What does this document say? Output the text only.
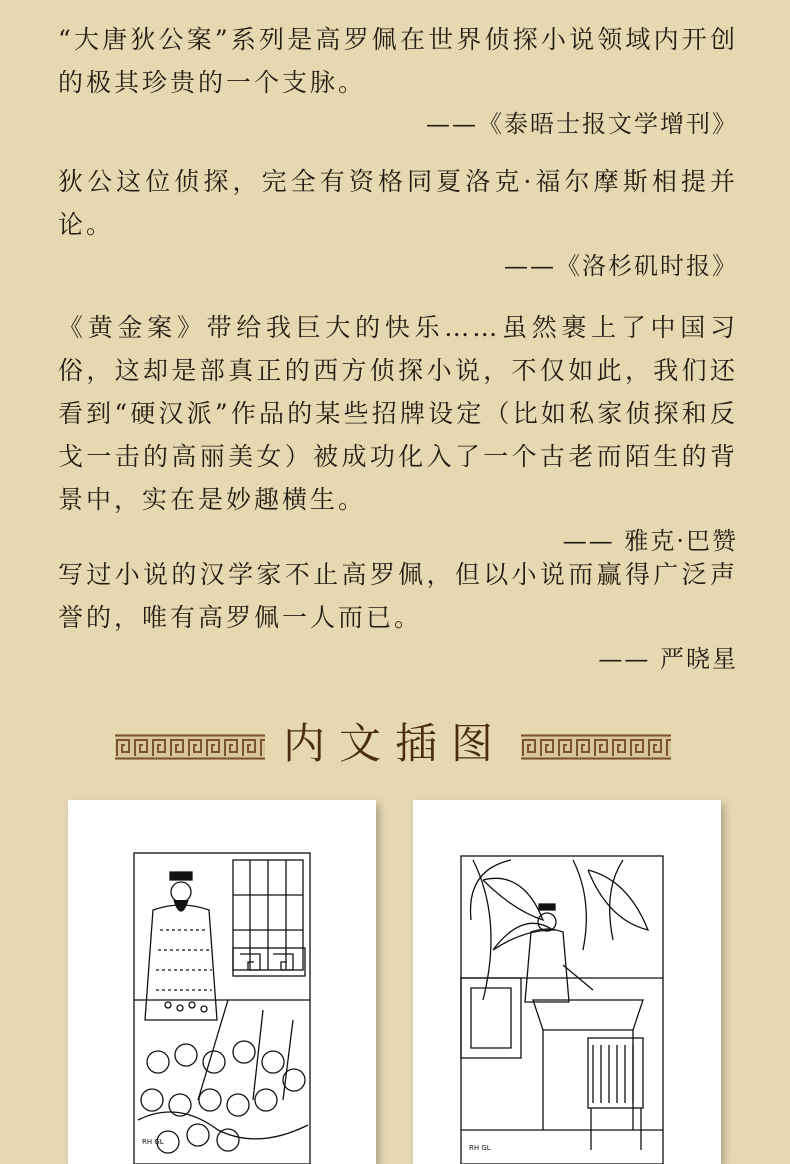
“大唐狄公案”系列是高罗佩在世界侦探小说领域内开创的极其珍贵的一个支脉。

——《泰晤士报文学增刊》

狄公这位侦探，完全有资格同夏洛克·福尔摩斯相提并论。

——《洛杉矶时报》

《黄金案》带给我巨大的快乐……虽然裹上了中国习俗，这却是部真正的西方侦探小说，不仅如此，我们还看到“硬汉派”作品的某些招牌设定（比如私家侦探和反戈一击的高丽美女）被成功化入了一个古老而陌生的背景中，实在是妙趣横生。

—— 雅克·巴赞

写过小说的汉学家不止高罗佩，但以小说而赢得广泛声誉的，唯有高罗佩一人而已。

—— 严晓星

内文插图
RH GL
RH GL
